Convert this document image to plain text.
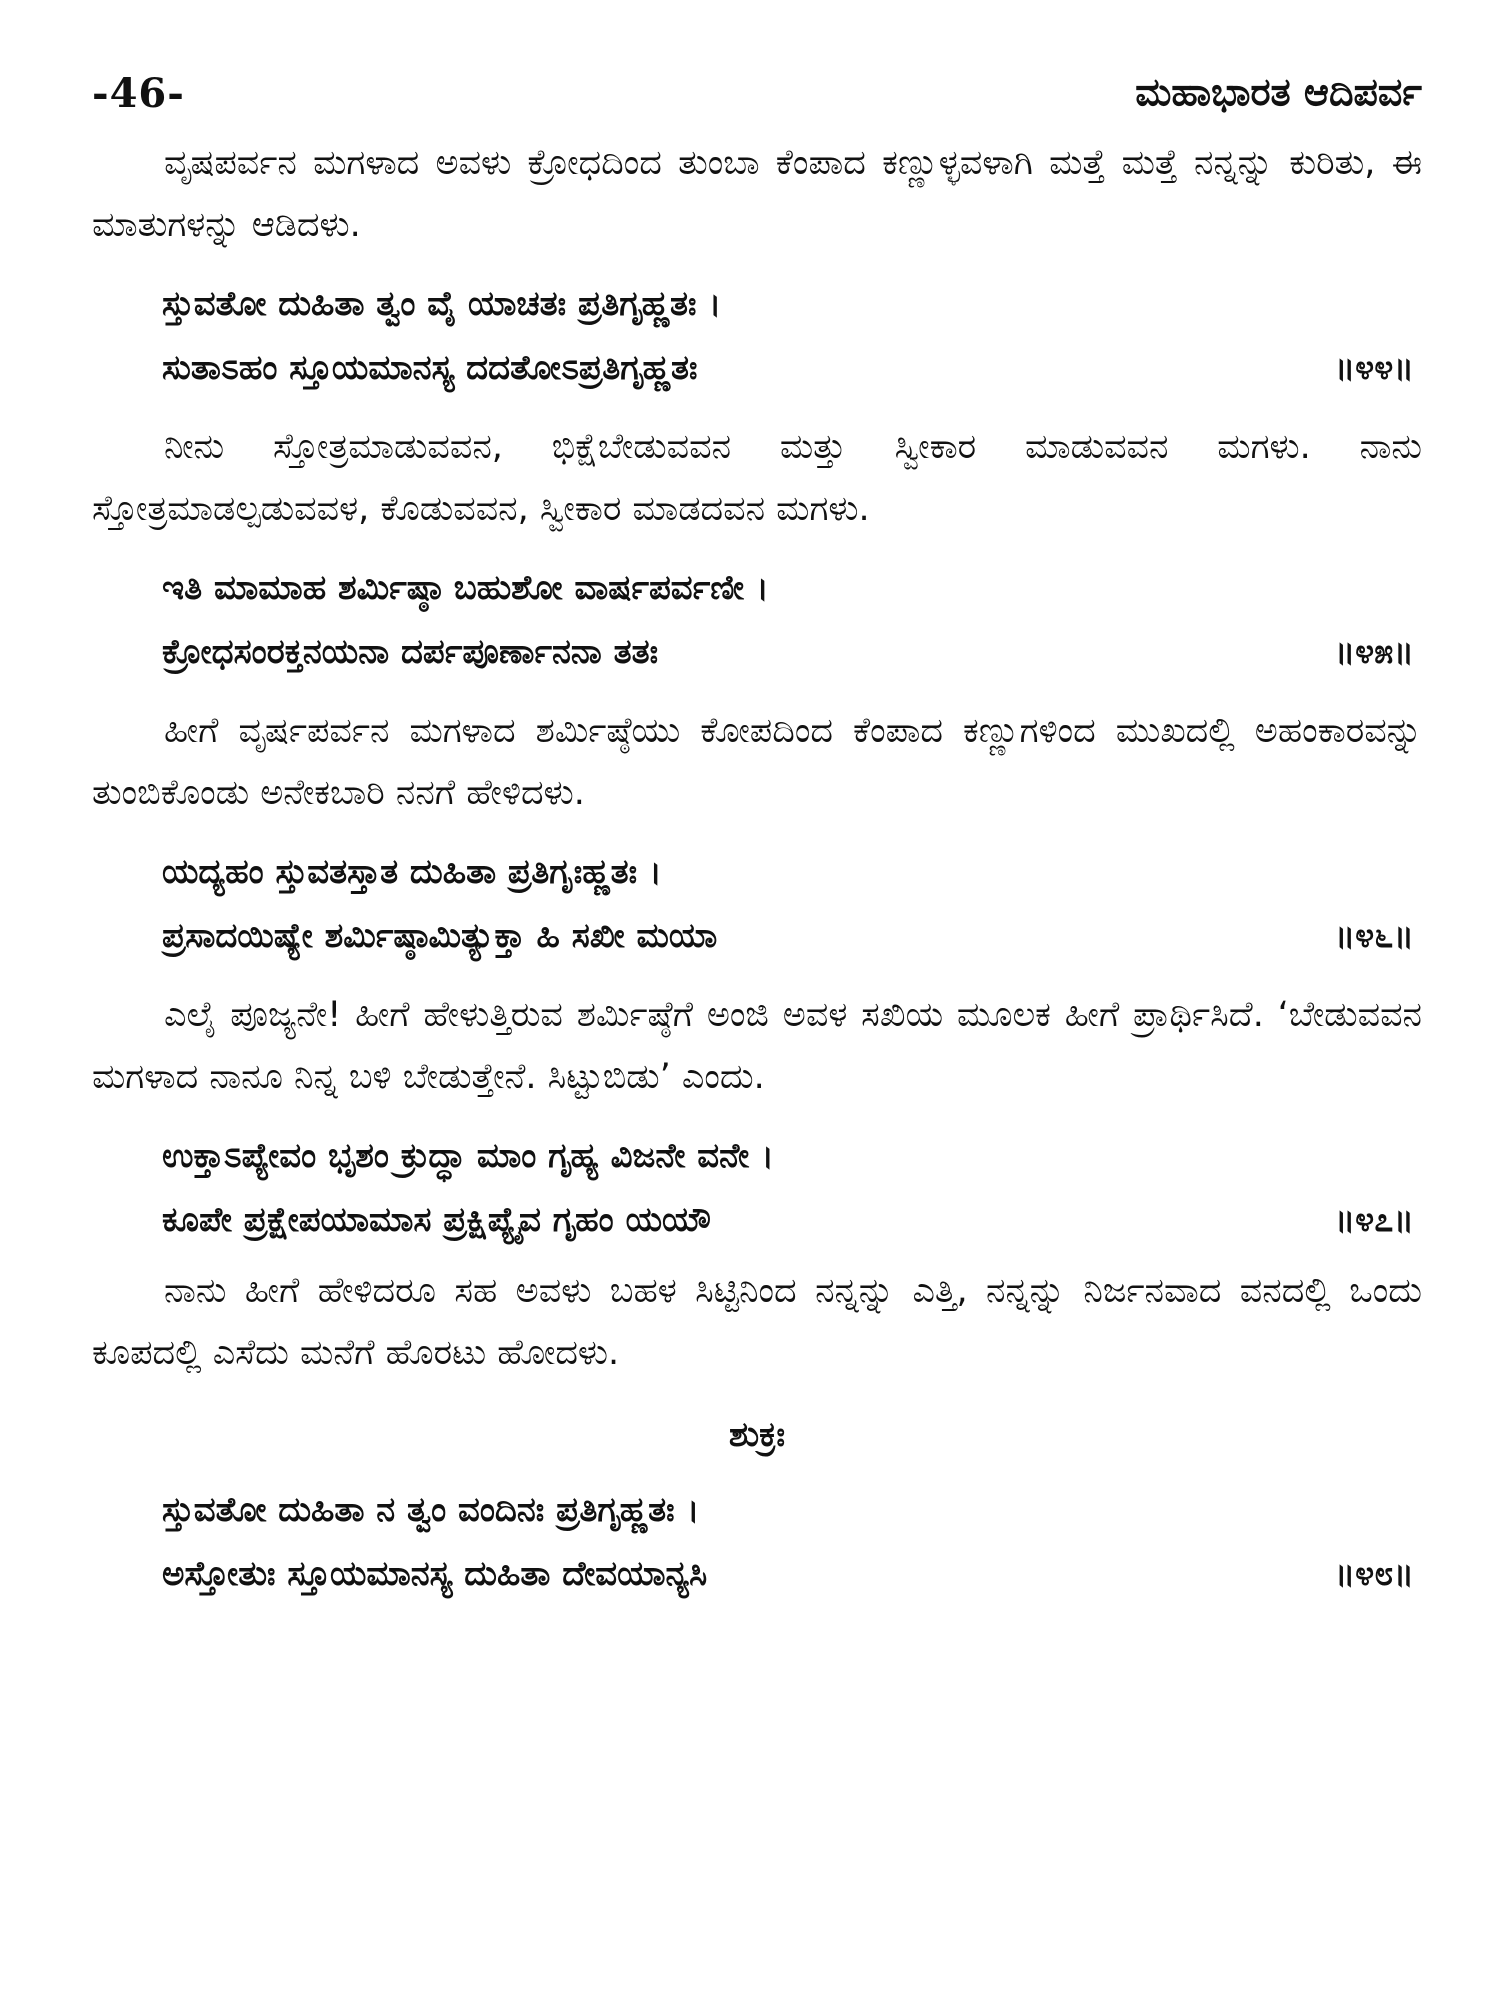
-46-	ಮಹಾಭಾರತ ಆದಿಪರ್ವ

ವೃಷಪರ್ವನ ಮಗಳಾದ ಅವಳು ಕ್ರೋಧದಿಂದ ತುಂಬಾ ಕೆಂಪಾದ ಕಣ್ಣುಳ್ಳವಳಾಗಿ ಮತ್ತೆ ಮತ್ತೆ ನನ್ನನ್ನು ಕುರಿತು, ಈ ಮಾತುಗಳನ್ನು ಆಡಿದಳು.

ಸ್ತುವತೋ ದುಹಿತಾ ತ್ವಂ ವೈ ಯಾಚತಃ ಪ್ರತಿಗೃಹ್ಣತಃ ।
ಸುತಾಽಹಂ ಸ್ತೂಯಮಾನಸ್ಯ ದದತೋಽಪ್ರತಿಗೃಹ್ಣತಃ	॥೪೪॥

ನೀನು ಸ್ತೋತ್ರಮಾಡುವವನ, ಭಿಕ್ಷೆಬೇಡುವವನ ಮತ್ತು ಸ್ವೀಕಾರ ಮಾಡುವವನ ಮಗಳು. ನಾನು ಸ್ತೋತ್ರಮಾಡಲ್ಪಡುವವಳ, ಕೊಡುವವನ, ಸ್ವೀಕಾರ ಮಾಡದವನ ಮಗಳು.

ಇತಿ ಮಾಮಾಹ ಶರ್ಮಿಷ್ಠಾ ಬಹುಶೋ ವಾರ್ಷಪರ್ವಣೀ ।
ಕ್ರೋಧಸಂರಕ್ತನಯನಾ ದರ್ಪಪೂರ್ಣಾನನಾ ತತಃ	॥೪೫॥

ಹೀಗೆ ವೃರ್ಷಪರ್ವನ ಮಗಳಾದ ಶರ್ಮಿಷ್ಠೆಯು ಕೋಪದಿಂದ ಕೆಂಪಾದ ಕಣ್ಣುಗಳಿಂದ ಮುಖದಲ್ಲಿ ಅಹಂಕಾರವನ್ನು ತುಂಬಿಕೊಂಡು ಅನೇಕಬಾರಿ ನನಗೆ ಹೇಳಿದಳು.

ಯದ್ಯಹಂ ಸ್ತುವತಸ್ತಾತ ದುಹಿತಾ ಪ್ರತಿಗೃಃಹ್ಣತಃ ।
ಪ್ರಸಾದಯಿಷ್ಯೇ ಶರ್ಮಿಷ್ಠಾಮಿತ್ಯುಕ್ತಾ ಹಿ ಸಖೀ ಮಯಾ	॥೪೬॥

ಎಲೈ ಪೂಜ್ಯನೇ! ಹೀಗೆ ಹೇಳುತ್ತಿರುವ ಶರ್ಮಿಷ್ಠೆಗೆ ಅಂಜಿ ಅವಳ ಸಖಿಯ ಮೂಲಕ ಹೀಗೆ ಪ್ರಾರ್ಥಿಸಿದೆ. ‘ಬೇಡುವವನ ಮಗಳಾದ ನಾನೂ ನಿನ್ನ ಬಳಿ ಬೇಡುತ್ತೇನೆ. ಸಿಟ್ಟುಬಿಡು’ ಎಂದು.

ಉಕ್ತಾಽಪ್ಯೇವಂ ಭೃಶಂ ಕ್ರುದ್ಧಾ ಮಾಂ ಗೃಹ್ಯ ವಿಜನೇ ವನೇ ।
ಕೂಪೇ ಪ್ರಕ್ಷೇಪಯಾಮಾಸ ಪ್ರಕ್ಷಿಪ್ಯೈವ ಗೃಹಂ ಯಯೌ	॥೪೭॥

ನಾನು ಹೀಗೆ ಹೇಳಿದರೂ ಸಹ ಅವಳು ಬಹಳ ಸಿಟ್ಟಿನಿಂದ ನನ್ನನ್ನು ಎತ್ತಿ, ನನ್ನನ್ನು ನಿರ್ಜನವಾದ ವನದಲ್ಲಿ ಒಂದು ಕೂಪದಲ್ಲಿ ಎಸೆದು ಮನೆಗೆ ಹೊರಟು ಹೋದಳು.

ಶುಕ್ರಃ

ಸ್ತುವತೋ ದುಹಿತಾ ನ ತ್ವಂ ವಂದಿನಃ ಪ್ರತಿಗೃಹ್ಣತಃ ।
ಅಸ್ತೋತುಃ ಸ್ತೂಯಮಾನಸ್ಯ ದುಹಿತಾ ದೇವಯಾನ್ಯಸಿ	॥೪೮॥
